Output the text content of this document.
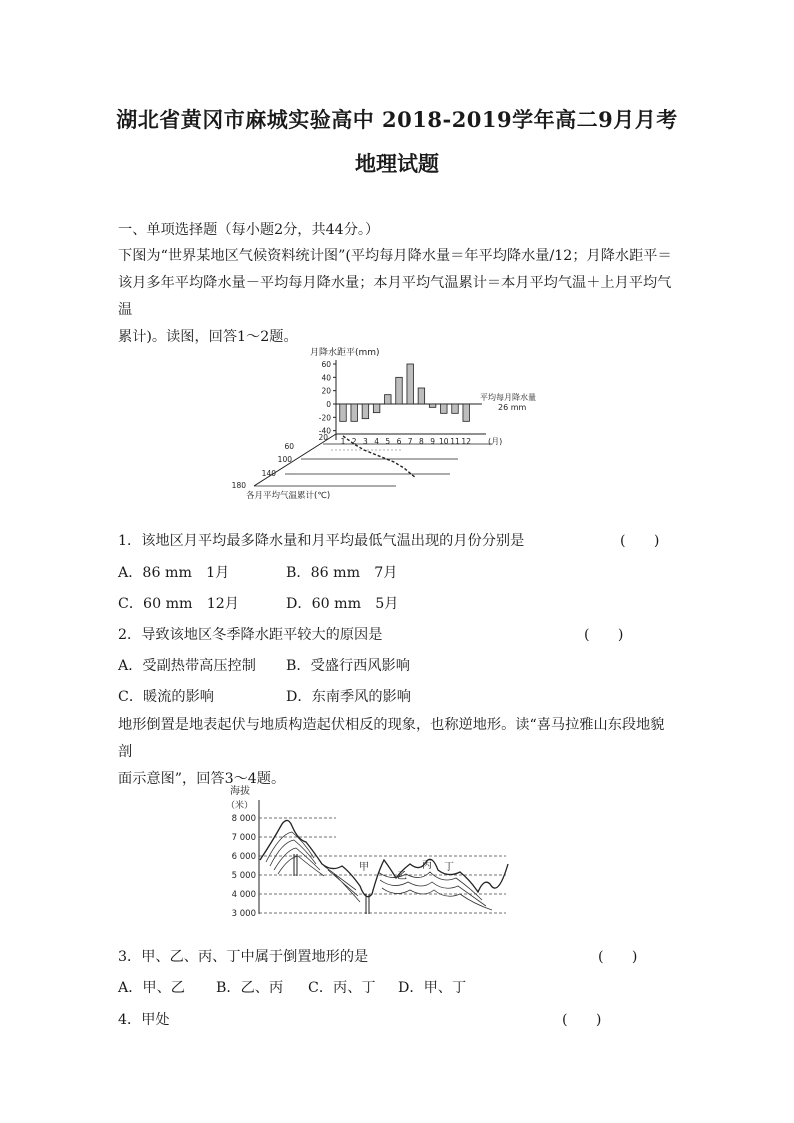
湖北省黄冈市麻城实验高中 2018-2019学年高二9月月考
地理试题
一、单项选择题（每小题2分，共44分。）
下图为“世界某地区气候资料统计图”(平均每月降水量＝年平均降水量/12；月降水距平＝
该月多年平均降水量－平均每月降水量；本月平均气温累计＝本月平均气温＋上月平均气温
累计)。读图，回答1～2题。
月降水距平(mm)
60
40
20
0
-20
-40
平均每月降水量
26 mm
1 2 3 4 5 6 7 8 9 10 11 12 (月)
20
60
100
140
180
各月平均气温累计(℃)
1．该地区月平均最多降水量和月平均最低气温出现的月份分别是	(　　)
A．86 mm　1月	B．86 mm　7月
C．60 mm　12月	D．60 mm　5月
2．导致该地区冬季降水距平较大的原因是	(　　)
A．受副热带高压控制 B．受盛行西风影响
C．暖流的影响	D．东南季风的影响
地形倒置是地表起伏与地质构造起伏相反的现象，也称逆地形。读“喜马拉雅山东段地貌剖
面示意图”，回答3～4题。
海拔
（米）
8 000
7 000
6 000
5 000
4 000
3 000
甲
乙
丙 丁
3．甲、乙、丙、丁中属于倒置地形的是	(　　)
A．甲、乙 B．乙、丙 C．丙、丁 D．甲、丁
4．甲处	(　　)
